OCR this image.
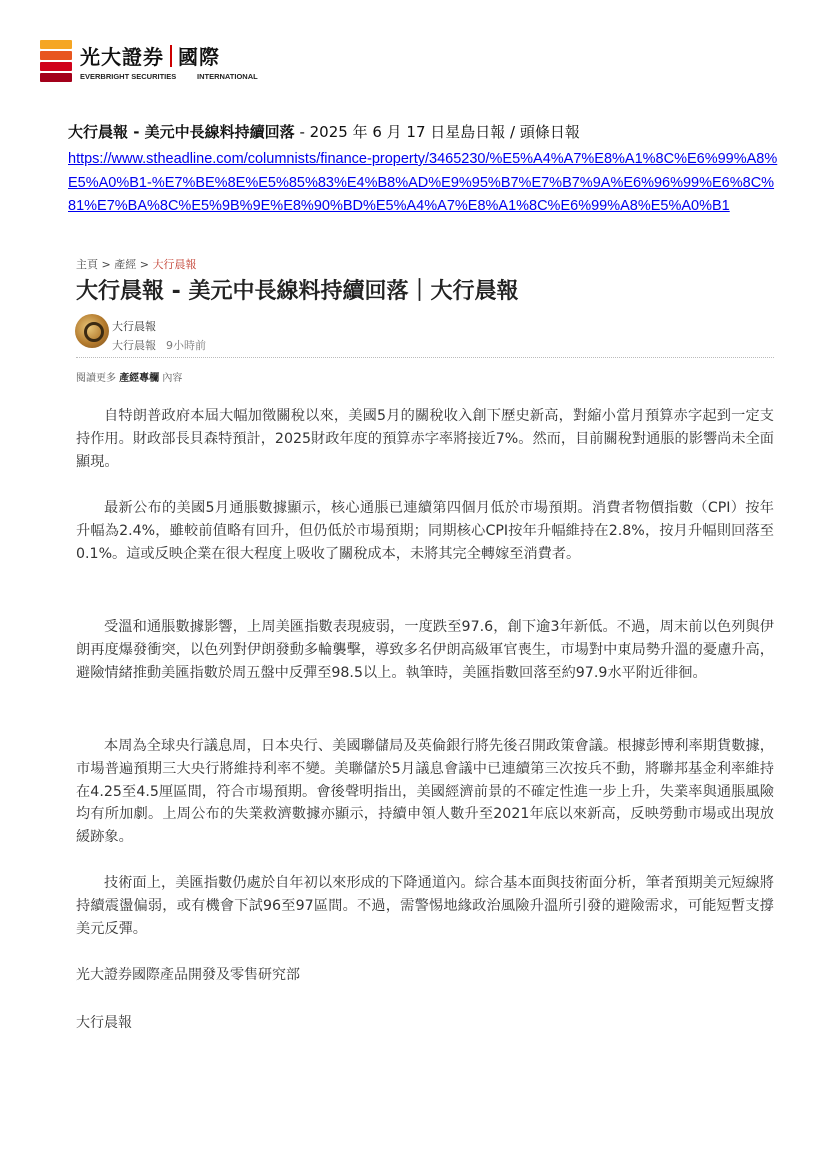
光大證券 國際
EVERBRIGHT SECURITIES	INTERNATIONAL
大行晨報 - 美元中長線料持續回落 - 2025 年 6 月 17 日星島日報 / 頭條日報
https://www.stheadline.com/columnists/finance-property/3465230/%E5%A4%A7%E8%A1%8C%E6%99%A8%E5%A0%B1-%E7%BE%8E%E5%85%83%E4%B8%AD%E9%95%B7%E7%B7%9A%E6%96%99%E6%8C%81%E7%BA%8C%E5%9B%9E%E8%90%BD%E5%A4%A7%E8%A1%8C%E6%99%A8%E5%A0%B1
主頁 > 產經 > 大行晨報
大行晨報 - 美元中長線料持續回落｜大行晨報
大行晨報
大行晨報 9小時前
閱讀更多 產經專欄 內容
自特朗普政府本屆大幅加徵關稅以來，美國5月的關稅收入創下歷史新高，對縮小當月預算赤字起到一定支持作用。財政部長貝森特預計，2025財政年度的預算赤字率將接近7%。然而，目前關稅對通脹的影響尚未全面顯現。
最新公布的美國5月通脹數據顯示，核心通脹已連續第四個月低於市場預期。消費者物價指數（CPI）按年升幅為2.4%，雖較前值略有回升，但仍低於市場預期；同期核心CPI按年升幅維持在2.8%，按月升幅則回落至0.1%。這或反映企業在很大程度上吸收了關稅成本，未將其完全轉嫁至消費者。
受溫和通脹數據影響，上周美匯指數表現疲弱，一度跌至97.6，創下逾3年新低。不過，周末前以色列與伊朗再度爆發衝突，以色列對伊朗發動多輪襲擊，導致多名伊朗高級軍官喪生，市場對中東局勢升溫的憂慮升高，避險情緒推動美匯指數於周五盤中反彈至98.5以上。執筆時，美匯指數回落至約97.9水平附近徘徊。
本周為全球央行議息周，日本央行、美國聯儲局及英倫銀行將先後召開政策會議。根據彭博利率期貨數據，市場普遍預期三大央行將維持利率不變。美聯儲於5月議息會議中已連續第三次按兵不動，將聯邦基金利率維持在4.25至4.5厘區間，符合市場預期。會後聲明指出，美國經濟前景的不確定性進一步上升，失業率與通脹風險均有所加劇。上周公布的失業救濟數據亦顯示，持續申領人數升至2021年底以來新高，反映勞動市場或出現放緩跡象。
技術面上，美匯指數仍處於自年初以來形成的下降通道內。綜合基本面與技術面分析，筆者預期美元短線將持續震盪偏弱，或有機會下試96至97區間。不過，需警惕地緣政治風險升溫所引發的避險需求，可能短暫支撐美元反彈。
光大證券國際產品開發及零售研究部
大行晨報
